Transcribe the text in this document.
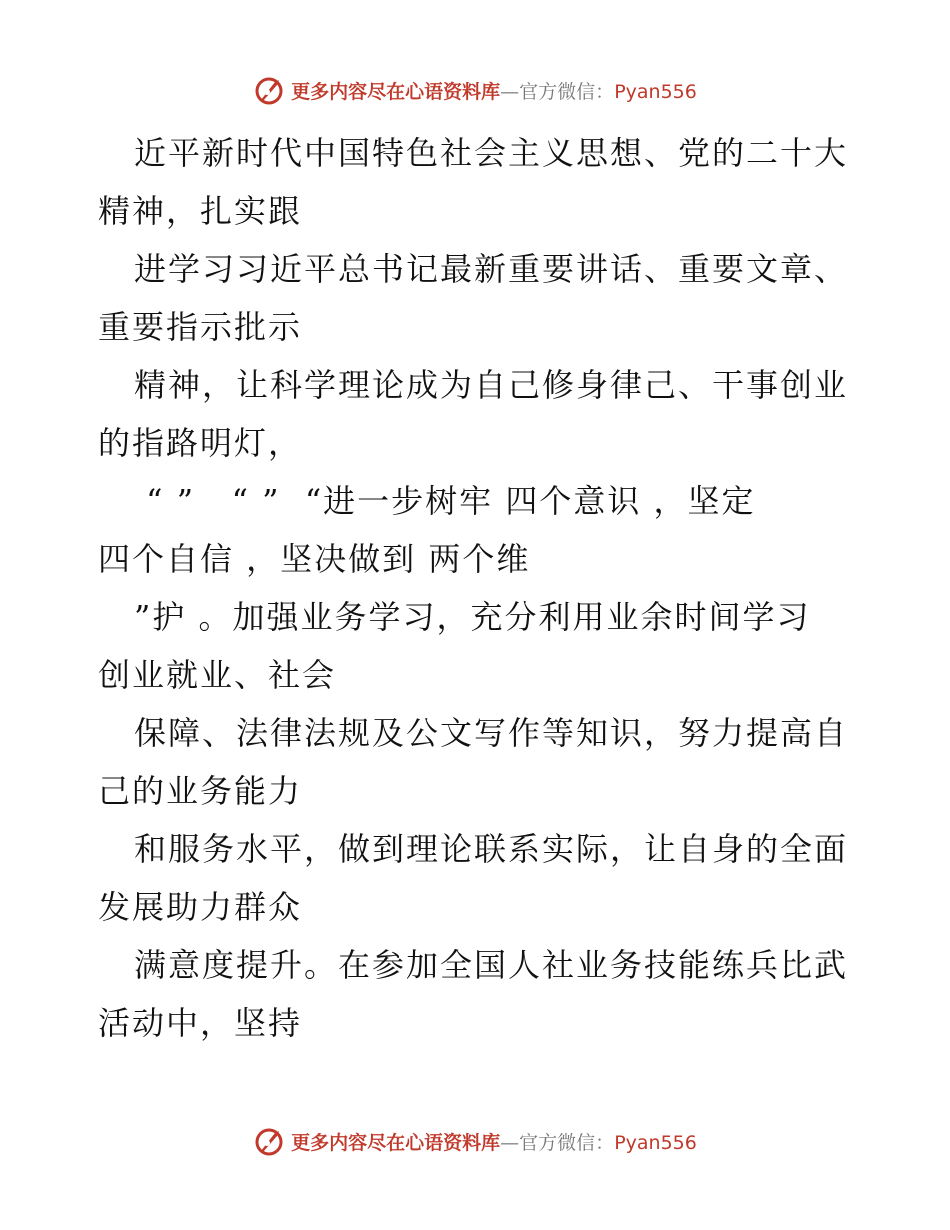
更多内容尽在心语资料库 — 官方微信： Pyan556
近平新时代中国特色社会主义思想、党的二十大
精神，扎实跟
进学习习近平总书记最新重要讲话、重要文章、
重要指示批示
精神，让科学理论成为自己修身律己、干事创业
的指路明灯，
“ ”   “ ”  “进一步树牢 四个意识 ，坚定
四个自信 ，坚决做到 两个维
”护 。加强业务学习，充分利用业余时间学习
创业就业、社会
保障、法律法规及公文写作等知识，努力提高自
己的业务能力
和服务水平，做到理论联系实际，让自身的全面
发展助力群众
满意度提升。在参加全国人社业务技能练兵比武
活动中，坚持
更多内容尽在心语资料库 — 官方微信： Pyan556
